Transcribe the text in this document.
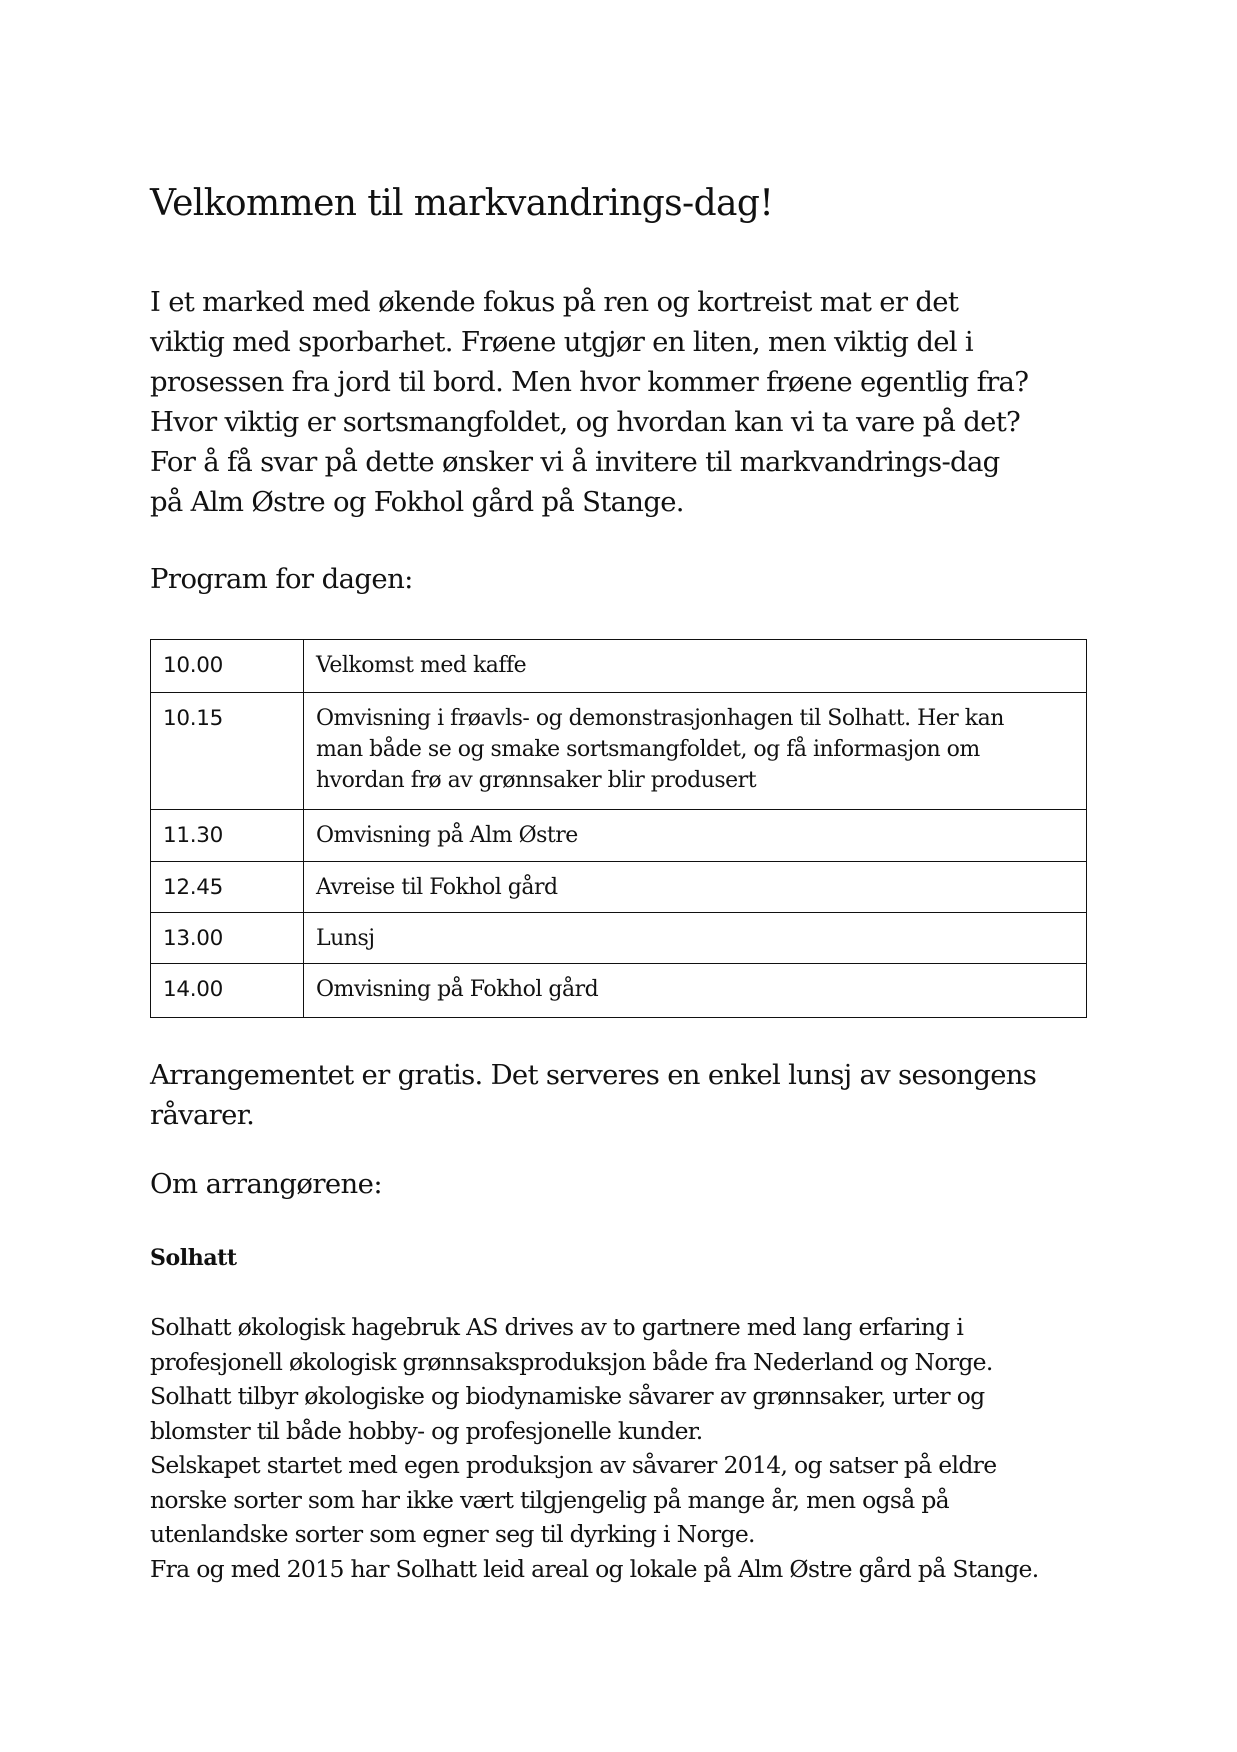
Velkommen til markvandrings-dag!
I et marked med økende fokus på ren og kortreist mat er det
viktig med sporbarhet. Frøene utgjør en liten, men viktig del i
prosessen fra jord til bord. Men hvor kommer frøene egentlig fra?
Hvor viktig er sortsmangfoldet, og hvordan kan vi ta vare på det?
For å få svar på dette ønsker vi å invitere til markvandrings-dag
på Alm Østre og Fokhol gård på Stange.
Program for dagen:
10.00	Velkomst med kaffe
10.15	Omvisning i frøavls- og demonstrasjonhagen til Solhatt. Her kan
man både se og smake sortsmangfoldet, og få informasjon om
hvordan frø av grønnsaker blir produsert

11.30	Omvisning på Alm Østre
12.45	Avreise til Fokhol gård
13.00	Lunsj
14.00	Omvisning på Fokhol gård
Arrangementet er gratis. Det serveres en enkel lunsj av sesongens
råvarer.
Om arrangørene:
Solhatt
Solhatt økologisk hagebruk AS drives av to gartnere med lang erfaring i
profesjonell økologisk grønnsaksproduksjon både fra Nederland og Norge.
Solhatt tilbyr økologiske og biodynamiske såvarer av grønnsaker, urter og
blomster til både hobby- og profesjonelle kunder.
Selskapet startet med egen produksjon av såvarer 2014, og satser på eldre
norske sorter som har ikke vært tilgjengelig på mange år, men også på
utenlandske sorter som egner seg til dyrking i Norge.
Fra og med 2015 har Solhatt leid areal og lokale på Alm Østre gård på Stange.
